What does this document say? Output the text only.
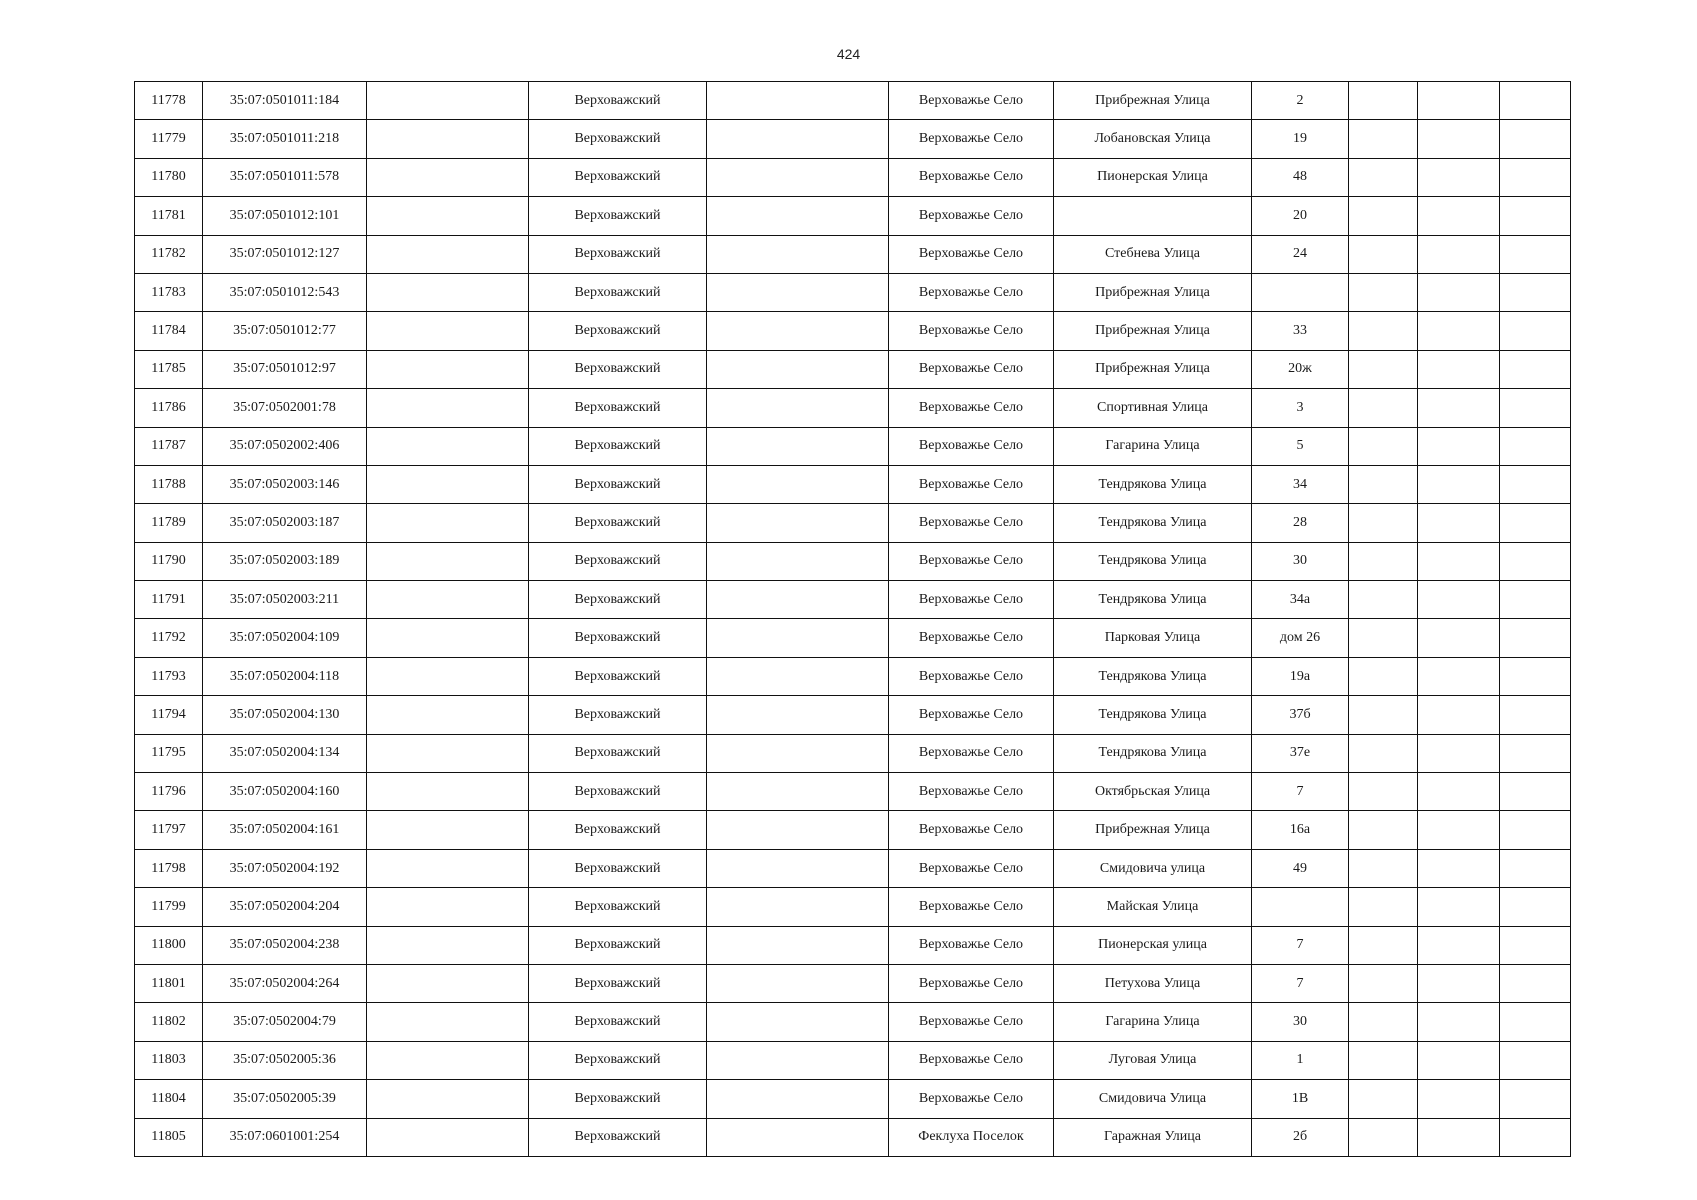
424
11778	35:07:0501011:184		Верховажский		Верховажье Село	Прибрежная Улица	2			
11779	35:07:0501011:218		Верховажский		Верховажье Село	Лобановская Улица	19			
11780	35:07:0501011:578		Верховажский		Верховажье Село	Пионерская Улица	48			
11781	35:07:0501012:101		Верховажский		Верховажье Село		20			
11782	35:07:0501012:127		Верховажский		Верховажье Село	Стебнева Улица	24			
11783	35:07:0501012:543		Верховажский		Верховажье Село	Прибрежная Улица				
11784	35:07:0501012:77		Верховажский		Верховажье Село	Прибрежная Улица	33			
11785	35:07:0501012:97		Верховажский		Верховажье Село	Прибрежная Улица	20ж			
11786	35:07:0502001:78		Верховажский		Верховажье Село	Спортивная Улица	3			
11787	35:07:0502002:406		Верховажский		Верховажье Село	Гагарина Улица	5			
11788	35:07:0502003:146		Верховажский		Верховажье Село	Тендрякова Улица	34			
11789	35:07:0502003:187		Верховажский		Верховажье Село	Тендрякова Улица	28			
11790	35:07:0502003:189		Верховажский		Верховажье Село	Тендрякова Улица	30			
11791	35:07:0502003:211		Верховажский		Верховажье Село	Тендрякова Улица	34а			
11792	35:07:0502004:109		Верховажский		Верховажье Село	Парковая Улица	дом 26			
11793	35:07:0502004:118		Верховажский		Верховажье Село	Тендрякова Улица	19а			
11794	35:07:0502004:130		Верховажский		Верховажье Село	Тендрякова Улица	37б			
11795	35:07:0502004:134		Верховажский		Верховажье Село	Тендрякова Улица	37е			
11796	35:07:0502004:160		Верховажский		Верховажье Село	Октябрьская Улица	7			
11797	35:07:0502004:161		Верховажский		Верховажье Село	Прибрежная Улица	16а			
11798	35:07:0502004:192		Верховажский		Верховажье Село	Смидовича улица	49			
11799	35:07:0502004:204		Верховажский		Верховажье Село	Майская Улица				
11800	35:07:0502004:238		Верховажский		Верховажье Село	Пионерская улица	7			
11801	35:07:0502004:264		Верховажский		Верховажье Село	Петухова Улица	7			
11802	35:07:0502004:79		Верховажский		Верховажье Село	Гагарина Улица	30			
11803	35:07:0502005:36		Верховажский		Верховажье Село	Луговая Улица	1			
11804	35:07:0502005:39		Верховажский		Верховажье Село	Смидовича Улица	1В			
11805	35:07:0601001:254		Верховажский		Феклуха Поселок	Гаражная Улица	2б			
